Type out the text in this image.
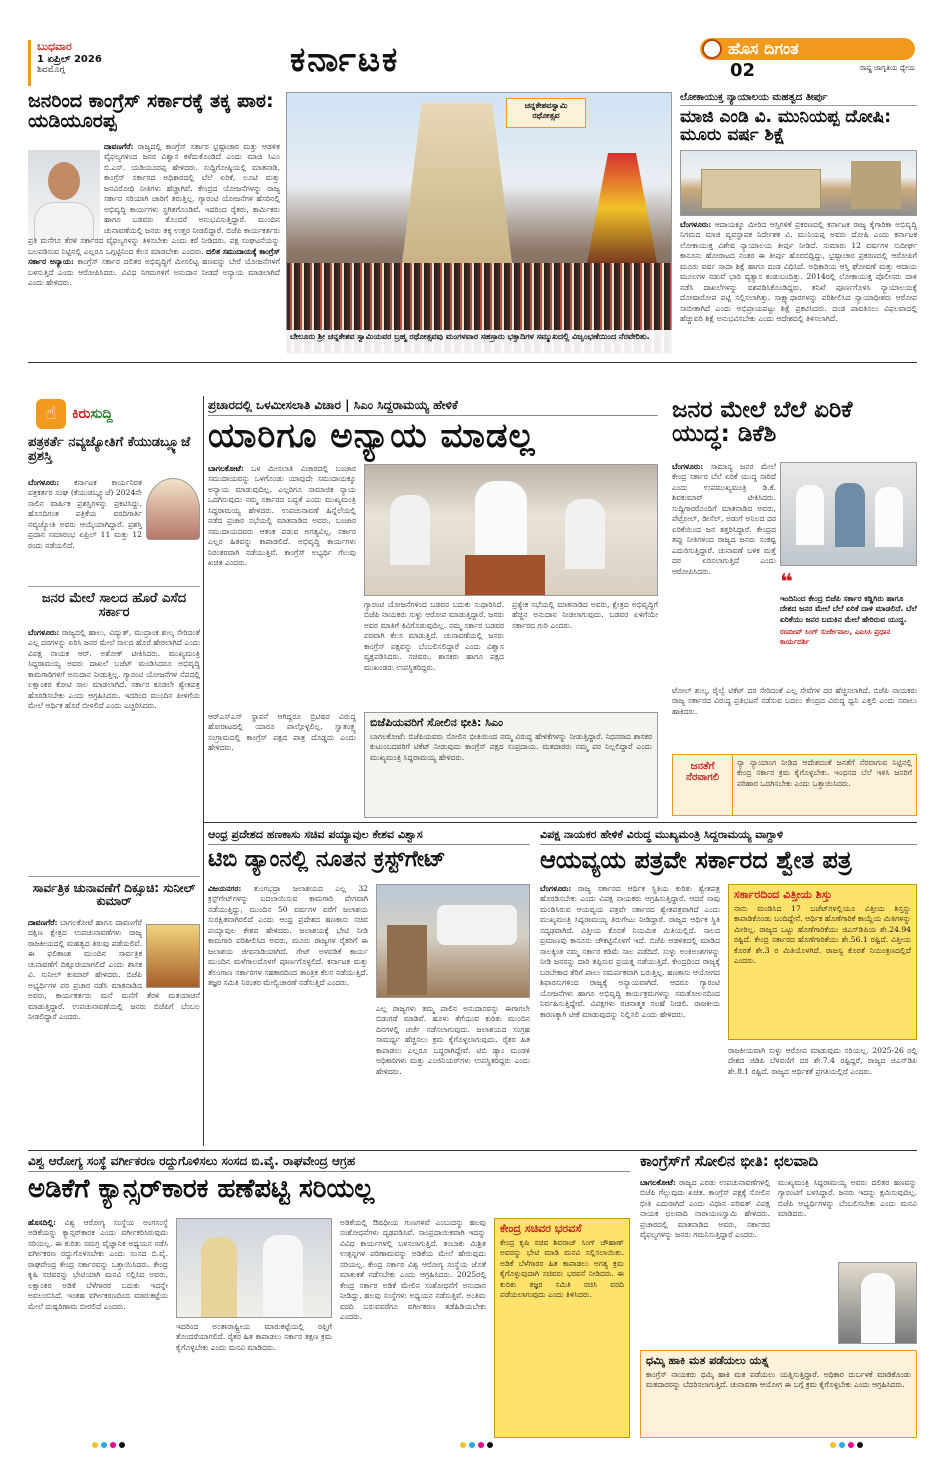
ಬುಧವಾರ
1 ಏಪ್ರಿಲ್ 2026
ಶಿವಮೊಗ್ಗ	ಕರ್ನಾಟಕ	ಹೊಸ ದಿಗಂತ
02	ರಾಷ್ಟ್ರ ಜಾಗೃತಿಯ ಧ್ಯೇಯ
ಜನರಿಂದ ಕಾಂಗ್ರೆಸ್ ಸರ್ಕಾರಕ್ಕೆ ತಕ್ಕ ಪಾಠ: ಯಡಿಯೂರಪ್ಪ
ದಾವಣಗೆರೆ: ರಾಜ್ಯದಲ್ಲಿ ಕಾಂಗ್ರೆಸ್ ಸರ್ಕಾರ ಭ್ರಷ್ಟಾಚಾರ ಮತ್ತು ಆಡಳಿತ ವೈಫಲ್ಯಗಳಿಂದ ಜನರ ವಿಶ್ವಾಸ ಕಳೆದುಕೊಂಡಿದೆ ಎಂದು ಮಾಜಿ ಸಿಎಂ ಬಿ.ಎಸ್. ಯಡಿಯೂರಪ್ಪ ಹೇಳಿದರು. ಸುದ್ದಿಗೋಷ್ಠಿಯಲ್ಲಿ ಮಾತನಾಡಿ, ಕಾಂಗ್ರೆಸ್ ಸರ್ಕಾರದ ಅಧಿಕಾರದಲ್ಲಿ ಬೆಲೆ ಏರಿಕೆ, ಲೂಟಿ ಮತ್ತು ಜನವಿರೋಧಿ ನೀತಿಗಳು ಹೆಚ್ಚಾಗಿವೆ. ಕೇಂದ್ರದ ಯೋಜನೆಗಳನ್ನು ರಾಜ್ಯ ಸರ್ಕಾರ ಸರಿಯಾಗಿ ಜಾರಿಗೆ ತರುತ್ತಿಲ್ಲ. ಗ್ಯಾರಂಟಿ ಯೋಜನೆಗಳ ಹೆಸರಿನಲ್ಲಿ ಅಭಿವೃದ್ಧಿ ಕಾರ್ಯಗಳು ಸ್ಥಗಿತಗೊಂಡಿವೆ. ಇದರಿಂದ ರೈತರು, ಕಾರ್ಮಿಕರು ಹಾಗೂ ಬಡವರು ತೊಂದರೆ ಅನುಭವಿಸುತ್ತಿದ್ದಾರೆ. ಮುಂದಿನ ಚುನಾವಣೆಯಲ್ಲಿ ಜನರು ತಕ್ಕ ಉತ್ತರ ನೀಡಲಿದ್ದಾರೆ. ಬಿಜೆಪಿ ಕಾರ್ಯಕರ್ತರು ಪ್ರತಿ ಮನೆಗೂ ತೆರಳಿ ಸರ್ಕಾರದ ವೈಫಲ್ಯಗಳನ್ನು ತಿಳಿಸಬೇಕು ಎಂದು ಕರೆ ನೀಡಿದರು. ಪಕ್ಷ ಸಂಘಟನೆಯನ್ನು ಬಲಪಡಿಸುವ ನಿಟ್ಟಿನಲ್ಲಿ ಎಲ್ಲರೂ ಒಗ್ಗಟ್ಟಿನಿಂದ ಕೆಲಸ ಮಾಡಬೇಕು ಎಂದರು. ದಲಿತ ಸಮುದಾಯಕ್ಕೆ ಕಾಂಗ್ರೆಸ್ ಸರ್ಕಾರ ಅನ್ಯಾಯ: ಕಾಂಗ್ರೆಸ್ ಸರ್ಕಾರ ದಲಿತರ ಅಭಿವೃದ್ಧಿಗೆ ಮೀಸಲಿಟ್ಟ ಹಣವನ್ನು ಬೇರೆ ಯೋಜನೆಗಳಿಗೆ ಬಳಸುತ್ತಿದೆ ಎಂದು ಆರೋಪಿಸಿದರು. ವಿವಿಧ ನಿಗಮಗಳಿಗೆ ಅನುದಾನ ನೀಡದೆ ಅನ್ಯಾಯ ಮಾಡಲಾಗಿದೆ ಎಂದು ಹೇಳಿದರು.
ಚನ್ನಕೇಶವಸ್ವಾಮಿ
ರಥೋತ್ಸವ
ಬೇಲೂರು ಶ್ರೀ ಚನ್ನಕೇಶವ ಸ್ವಾಮಿಯವರ ಬ್ರಹ್ಮ ರಥೋತ್ಸವವು ಮಂಗಳವಾರ ಸಹಸ್ರಾರು ಭಕ್ತಾದಿಗಳ ಸಮ್ಮುಖದಲ್ಲಿ ವಿಜೃಂಭಣೆಯಿಂದ ನೆರವೇರಿತು.
ಲೋಕಾಯುಕ್ತ ನ್ಯಾಯಾಲಯ ಮಹತ್ವದ ತೀರ್ಪು
ಮಾಜಿ ಎಂಡಿ ವಿ. ಮುನಿಯಪ್ಪ ದೋಷಿ: ಮೂರು ವರ್ಷ ಶಿಕ್ಷೆ
ಬೆಂಗಳೂರು: ಆದಾಯಕ್ಕೂ ಮೀರಿದ ಆಸ್ತಿಗಳಿಕೆ ಪ್ರಕರಣದಲ್ಲಿ ಕರ್ನಾಟಕ ರಾಜ್ಯ ಕೈಗಾರಿಕಾ ಅಭಿವೃದ್ಧಿ ನಿಗಮದ ಮಾಜಿ ವ್ಯವಸ್ಥಾಪಕ ನಿರ್ದೇಶಕ ವಿ. ಮುನಿಯಪ್ಪ ಅವರು ದೋಷಿ ಎಂದು ಕರ್ನಾಟಕ ಲೋಕಾಯುಕ್ತ ವಿಶೇಷ ನ್ಯಾಯಾಲಯ ತೀರ್ಪು ನೀಡಿದೆ. ಸುಮಾರು 12 ವರ್ಷಗಳ ಸುದೀರ್ಘ ಕಾನೂನು ಹೋರಾಟದ ನಂತರ ಈ ತೀರ್ಪು ಹೊರಬಿದ್ದಿದ್ದು, ಭ್ರಷ್ಟಾಚಾರ ಪ್ರಕರಣದಲ್ಲಿ ಆರೋಪಿಗೆ ಮೂರು ವರ್ಷ ಸಾದಾ ಶಿಕ್ಷೆ ಹಾಗೂ ದಂಡ ವಿಧಿಸಿದೆ. ಅಧಿಕಾರಿಯ ಆಸ್ತಿ ಘೋಷಣೆ ಮತ್ತು ಆದಾಯ ಮೂಲಗಳ ನಡುವೆ ಭಾರಿ ವ್ಯತ್ಯಾಸ ಕಂಡುಬಂದಿತ್ತು. 2014ರಲ್ಲಿ ಲೋಕಾಯುಕ್ತ ಪೊಲೀಸರು ದಾಳಿ ನಡೆಸಿ ದಾಖಲೆಗಳನ್ನು ವಶಪಡಿಸಿಕೊಂಡಿದ್ದರು. ತನಿಖೆ ಪೂರ್ಣಗೊಳಿಸಿ ನ್ಯಾಯಾಲಯಕ್ಕೆ ದೋಷಾರೋಪ ಪಟ್ಟಿ ಸಲ್ಲಿಸಲಾಗಿತ್ತು. ಸಾಕ್ಷ್ಯಾಧಾರಗಳನ್ನು ಪರಿಶೀಲಿಸಿದ ನ್ಯಾಯಾಧೀಶರು ಆರೋಪ ಸಾಬೀತಾಗಿದೆ ಎಂದು ಅಭಿಪ್ರಾಯಪಟ್ಟು ಶಿಕ್ಷೆ ಪ್ರಕಟಿಸಿದರು. ದಂಡ ಪಾವತಿಸಲು ವಿಫಲವಾದಲ್ಲಿ ಹೆಚ್ಚುವರಿ ಶಿಕ್ಷೆ ಅನುಭವಿಸಬೇಕು ಎಂದು ಆದೇಶದಲ್ಲಿ ತಿಳಿಸಲಾಗಿದೆ.
☝	ಕಿರು ಸುದ್ದಿ
ಪತ್ರಕರ್ತೆ ನವ್ಯಜ್ಯೋತಿಗೆ ಕೆಯುಡಬ್ಲ್ಯೂಜೆ ಪ್ರಶಸ್ತಿ
ಬೆಂಗಳೂರು: ಕರ್ನಾಟಕ ಕಾರ್ಯನಿರತ ಪತ್ರಕರ್ತರ ಸಂಘ (ಕೆಯುಡಬ್ಲ್ಯೂಜೆ) 2024ನೇ ಸಾಲಿನ ವಾರ್ಷಿಕ ಪ್ರಶಸ್ತಿಗಳನ್ನು ಪ್ರಕಟಿಸಿದ್ದು, ಹೊಸದಿಗಂತ ಪತ್ರಿಕೆಯ ವರದಿಗಾರ್ತಿ ನವ್ಯಜ್ಯೋತಿ ಅವರು ಆಯ್ಕೆಯಾಗಿದ್ದಾರೆ. ಪ್ರಶಸ್ತಿ ಪ್ರದಾನ ಸಮಾರಂಭ ಏಪ್ರಿಲ್ 11 ಮತ್ತು 12 ರಂದು ನಡೆಯಲಿದೆ.
ಜನರ ಮೇಲೆ ಸಾಲದ ಹೊರೆ ಎಸೆದ ಸರ್ಕಾರ
ಬೆಂಗಳೂರು: ರಾಜ್ಯದಲ್ಲಿ ಹಾಲು, ವಿದ್ಯುತ್, ಮುದ್ರಾಂಕ ಶುಲ್ಕ ಸೇರಿದಂತೆ ಎಲ್ಲ ದರಗಳನ್ನು ಏರಿಸಿ ಜನರ ಮೇಲೆ ಸಾಲದ ಹೊರೆ ಹೇರಲಾಗಿದೆ ಎಂದು ವಿಪಕ್ಷ ನಾಯಕ ಆರ್. ಅಶೋಕ್ ಟೀಕಿಸಿದರು. ಮುಖ್ಯಮಂತ್ರಿ ಸಿದ್ದರಾಮಯ್ಯ ಅವರು ದಾಖಲೆ ಬಜೆಟ್ ಮಂಡಿಸಿದರೂ ಅಭಿವೃದ್ಧಿ ಕಾಮಗಾರಿಗಳಿಗೆ ಅನುದಾನ ನೀಡುತ್ತಿಲ್ಲ. ಗ್ಯಾರಂಟಿ ಯೋಜನೆಗಳ ನೆಪದಲ್ಲಿ ಲಕ್ಷಾಂತರ ಕೋಟಿ ಸಾಲ ಮಾಡಲಾಗಿದೆ. ಸರ್ಕಾರ ಕೂಡಲೇ ಶ್ವೇತಪತ್ರ ಹೊರಡಿಸಬೇಕು ಎಂದು ಆಗ್ರಹಿಸಿದರು. ಇದರಿಂದ ಮುಂದಿನ ಪೀಳಿಗೆಯ ಮೇಲೆ ಆರ್ಥಿಕ ಹೊರೆ ಬೀಳಲಿದೆ ಎಂದು ಎಚ್ಚರಿಸಿದರು.
ಸಾರ್ವತ್ರಿಕ ಚುನಾವಣೆಗೆ ದಿಕ್ಸೂಚಿ: ಸುನೀಲ್ ಕುಮಾರ್
ದಾವಣಗೆರೆ: ಬಾಗಲಕೋಟೆ ಹಾಗೂ ದಾವಣಗೆರೆ ದಕ್ಷಿಣ ಕ್ಷೇತ್ರದ ಉಪಚುನಾವಣೆಗಳು ರಾಜ್ಯ ರಾಜಕೀಯದಲ್ಲಿ ಮಹತ್ವದ ತಿರುವು ಪಡೆಯಲಿವೆ. ಈ ಫಲಿತಾಂಶ ಮುಂದಿನ ಸಾರ್ವತ್ರಿಕ ಚುನಾವಣೆಗೆ ದಿಕ್ಸೂಚಿಯಾಗಲಿದೆ ಎಂದು ಶಾಸಕ ವಿ. ಸುನೀಲ್ ಕುಮಾರ್ ಹೇಳಿದರು. ಬಿಜೆಪಿ ಅಭ್ಯರ್ಥಿಗಳ ಪರ ಪ್ರಚಾರ ನಡೆಸಿ ಮಾತನಾಡಿದ ಅವರು, ಕಾರ್ಯಕರ್ತರು ಮನೆ ಮನೆಗೆ ತೆರಳಿ ಮತಯಾಚನೆ ಮಾಡುತ್ತಿದ್ದಾರೆ. ಉಪಚುನಾವಣೆಯಲ್ಲಿ ಜನರು ಬಿಜೆಪಿಗೆ ಬೆಂಬಲ ನೀಡಲಿದ್ದಾರೆ ಎಂದರು.
ಪ್ರಚಾರದಲ್ಲಿ ಒಳಮೀಸಲಾತಿ ವಿಚಾರ | ಸಿಎಂ ಸಿದ್ದರಾಮಯ್ಯ ಹೇಳಿಕೆ
ಯಾರಿಗೂ ಅನ್ಯಾಯ ಮಾಡಲ್ಲ
ಬಾಗಲಕೋಟೆ: ಒಳ ಮೀಸಲಾತಿ ವಿಚಾರದಲ್ಲಿ ಬಂಜಾರ ಸಮುದಾಯವನ್ನು ಒಳಗೊಂಡು ಯಾವುದೇ ಸಮುದಾಯಕ್ಕೂ ಅನ್ಯಾಯ ಮಾಡುವುದಿಲ್ಲ. ಎಲ್ಲರಿಗೂ ಸಾಮಾಜಿಕ ನ್ಯಾಯ ಒದಗಿಸುವುದು ನಮ್ಮ ಸರ್ಕಾರದ ಬದ್ಧತೆ ಎಂದು ಮುಖ್ಯಮಂತ್ರಿ ಸಿದ್ದರಾಮಯ್ಯ ಹೇಳಿದರು. ಉಪಚುನಾವಣೆ ಹಿನ್ನೆಲೆಯಲ್ಲಿ ನಡೆದ ಪ್ರಚಾರ ಸಭೆಯಲ್ಲಿ ಮಾತನಾಡಿದ ಅವರು, ಬಂಜಾರ ಸಮುದಾಯದವರು ಆತಂಕ ಪಡುವ ಅಗತ್ಯವಿಲ್ಲ. ಸರ್ಕಾರ ಎಲ್ಲರ ಹಿತವನ್ನು ಕಾಪಾಡಲಿದೆ. ಅಭಿವೃದ್ಧಿ ಕಾರ್ಯಗಳು ನಿರಂತರವಾಗಿ ನಡೆಯುತ್ತಿವೆ. ಕಾಂಗ್ರೆಸ್ ಅಭ್ಯರ್ಥಿ ಗೆಲುವು ಖಚಿತ ಎಂದರು.
ಗ್ಯಾರಂಟಿ ಯೋಜನೆಗಳಿಂದ ಬಡವರ ಬದುಕು ಸುಧಾರಿಸಿದೆ. ಬಿಜೆಪಿ ನಾಯಕರು ಸುಳ್ಳು ಆರೋಪ ಮಾಡುತ್ತಿದ್ದಾರೆ. ಜನರು ಅವರ ಮಾತಿಗೆ ಕಿವಿಗೊಡುವುದಿಲ್ಲ. ನಮ್ಮ ಸರ್ಕಾರ ಬಡವರ ಪರವಾಗಿ ಕೆಲಸ ಮಾಡುತ್ತಿದೆ. ಚುನಾವಣೆಯಲ್ಲಿ ಜನರು ಕಾಂಗ್ರೆಸ್ ಪಕ್ಷವನ್ನು ಬೆಂಬಲಿಸಲಿದ್ದಾರೆ ಎಂದು ವಿಶ್ವಾಸ ವ್ಯಕ್ತಪಡಿಸಿದರು. ಸಚಿವರು, ಶಾಸಕರು ಹಾಗೂ ಪಕ್ಷದ ಮುಖಂಡರು ಉಪಸ್ಥಿತರಿದ್ದರು.
ಪ್ರತ್ಯೇಕ ಸಭೆಯಲ್ಲಿ ಮಾತನಾಡಿದ ಅವರು, ಕ್ಷೇತ್ರದ ಅಭಿವೃದ್ಧಿಗೆ ಹೆಚ್ಚಿನ ಅನುದಾನ ನೀಡಲಾಗುವುದು. ಬಡವರ ಏಳಿಗೆಯೇ ಸರ್ಕಾರದ ಗುರಿ ಎಂದರು.
ಬಿಜೆಪಿಯವರಿಗೆ ಸೋಲಿನ ಭೀತಿ: ಸಿಎಂ
ಬಾಗಲಕೋಟೆ: ಬಿಜೆಪಿಯವರು ಸೋಲಿನ ಭೀತಿಯಿಂದ ನಮ್ಮ ವಿರುದ್ಧ ಹೇಳಿಕೆಗಳನ್ನು ನೀಡುತ್ತಿದ್ದಾರೆ. ನಿಧನರಾದ ಶಾಸಕರ ಕುಟುಂಬದವರಿಗೆ ಟಿಕೆಟ್ ನೀಡುವುದು ಕಾಂಗ್ರೆಸ್ ಪಕ್ಷದ ಸಂಪ್ರದಾಯ. ಮತದಾರರು ನಮ್ಮ ಪರ ನಿಲ್ಲಲಿದ್ದಾರೆ ಎಂದು ಮುಖ್ಯಮಂತ್ರಿ ಸಿದ್ದರಾಮಯ್ಯ ಹೇಳಿದರು.
ಆರ್‌ಎಸ್‌ಎಸ್ ಸ್ಥಾಪನೆ ಆಗಿದ್ದರೂ ಬ್ರಿಟಿಷರ ವಿರುದ್ಧ ಹೋರಾಟದಲ್ಲಿ ಯಾರೂ ಪಾಲ್ಗೊಳ್ಳಲಿಲ್ಲ. ಸ್ವಾತಂತ್ರ್ಯ ಸಂಗ್ರಾಮದಲ್ಲಿ ಕಾಂಗ್ರೆಸ್ ಪಕ್ಷದ ಪಾತ್ರ ದೊಡ್ಡದು ಎಂದು ಹೇಳಿದರು.
ಜನರ ಮೇಲೆ ಬೆಲೆ ಏರಿಕೆ ಯುದ್ಧ: ಡಿಕೆಶಿ
ಬೆಂಗಳೂರು: ಸಾಮಾನ್ಯ ಜನರ ಮೇಲೆ ಕೇಂದ್ರ ಸರ್ಕಾರ ಬೆಲೆ ಏರಿಕೆ ಯುದ್ಧ ಸಾರಿದೆ ಎಂದು ಉಪಮುಖ್ಯಮಂತ್ರಿ ಡಿ.ಕೆ. ಶಿವಕುಮಾರ್ ಟೀಕಿಸಿದರು. ಸುದ್ದಿಗಾರರೊಂದಿಗೆ ಮಾತನಾಡಿದ ಅವರು, ಪೆಟ್ರೋಲ್, ಡೀಸೆಲ್, ಅಡುಗೆ ಅನಿಲದ ದರ ಏರಿಕೆಯಿಂದ ಜನ ತತ್ತರಿಸಿದ್ದಾರೆ. ಕೇಂದ್ರದ ತಪ್ಪು ನೀತಿಗಳಿಂದ ರಾಜ್ಯದ ಜನರು ಸಂಕಷ್ಟ ಎದುರಿಸುತ್ತಿದ್ದಾರೆ. ಚುನಾವಣೆ ಬಳಿಕ ಮತ್ತೆ ದರ ಏರಿಸಲಾಗುತ್ತಿದೆ ಎಂದು ಆರೋಪಿಸಿದರು.	❝
ಇಂದಿನಿಂದ ಕೇಂದ್ರ ಬಿಜೆಪಿ ಸರ್ಕಾರ ಕಡ್ಡಿಗಿರು ಹಾಗೂ ದೇಶದ ಜನರ ಮೇಲೆ ಬೆಲೆ ಏರಿಕೆ ದಾಳಿ ಮಾಡಲಿದೆ. ಬೆಲೆ ಏರಿಕೆಯು ಜನರ ಬದುಕಿನ ಮೇಲೆ ಹೇರಿರುವ ಯುದ್ಧ.
ರಣದೀಪ್ ಸಿಂಗ್ ಸುರ್ಜೇವಾಲ, ಎಐಸಿಸಿ ಪ್ರಧಾನ ಕಾರ್ಯದರ್ಶಿ
ಟೋಲ್ ಶುಲ್ಕ, ರೈಲ್ವೆ ಟಿಕೆಟ್ ದರ ಸೇರಿದಂತೆ ಎಲ್ಲ ಸೇವೆಗಳ ದರ ಹೆಚ್ಚಿಸಲಾಗಿದೆ. ಬಿಜೆಪಿ ನಾಯಕರು ರಾಜ್ಯ ಸರ್ಕಾರದ ವಿರುದ್ಧ ಪ್ರತಿಭಟನೆ ನಡೆಸುವ ಬದಲು ಕೇಂದ್ರದ ವಿರುದ್ಧ ಧ್ವನಿ ಎತ್ತಲಿ ಎಂದು ಸವಾಲು ಹಾಕಿದರು.
ಜನತೆಗೆ
ನೆರವಾಗಲಿ
ನ್ಯಾ ನ್ಯಾಯಾಂಗ ನೀಡಿದ ಆದೇಶದಂತೆ ಜನತೆಗೆ ನೆರವಾಗುವ ನಿಟ್ಟಿನಲ್ಲಿ ಕೇಂದ್ರ ಸರ್ಕಾರ ಕ್ರಮ ಕೈಗೊಳ್ಳಬೇಕು. ಇಂಧನದ ಬೆಲೆ ಇಳಿಸಿ ಜನರಿಗೆ ಪರಿಹಾರ ಒದಗಿಸಬೇಕು ಎಂದು ಒತ್ತಾಯಿಸಿದರು.
ಆಂಧ್ರ ಪ್ರದೇಶದ ಹಣಕಾಸು ಸಚಿವ ಪಯ್ಯಾವುಲ ಕೇಶವ ವಿಶ್ವಾಸ
ಟಿಬಿ ಡ್ಯಾಂನಲ್ಲಿ ನೂತನ ಕ್ರಸ್ಟ್‌ಗೇಟ್
ವಿಜಯನಗರ: ತುಂಗಭದ್ರಾ ಜಲಾಶಯದ ಎಲ್ಲ 32 ಕ್ರಸ್ಟ್‌ಗೇಟ್‌ಗಳನ್ನು ಬದಲಾಯಿಸುವ ಕಾಮಗಾರಿ ವೇಗವಾಗಿ ನಡೆಯುತ್ತಿದ್ದು, ಮುಂದಿನ 50 ವರ್ಷಗಳ ವರೆಗೆ ಜಲಾಶಯ ಸುರಕ್ಷಿತವಾಗಿರಲಿದೆ ಎಂದು ಆಂಧ್ರ ಪ್ರದೇಶದ ಹಣಕಾಸು ಸಚಿವ ಪಯ್ಯಾವುಲ ಕೇಶವ ಹೇಳಿದರು. ಜಲಾಶಯಕ್ಕೆ ಭೇಟಿ ನೀಡಿ ಕಾಮಗಾರಿ ಪರಿಶೀಲಿಸಿದ ಅವರು, ಮೂರು ರಾಜ್ಯಗಳ ರೈತರಿಗೆ ಈ ಜಲಾಶಯ ಜೀವನಾಡಿಯಾಗಿದೆ. ಗೇಟ್ ಅಳವಡಿಕೆ ಕಾರ್ಯ ಮುಂದಿನ ಮಳೆಗಾಲದೊಳಗೆ ಪೂರ್ಣಗೊಳ್ಳಲಿದೆ. ಕರ್ನಾಟಕ ಮತ್ತು ತೆಲಂಗಾಣ ಸರ್ಕಾರಗಳ ಸಹಕಾರದಿಂದ ತಾಂತ್ರಿಕ ಕೆಲಸ ನಡೆಯುತ್ತಿದೆ. ತಜ್ಞರ ಸಮಿತಿ ನಿರಂತರ ಮೇಲ್ವಿಚಾರಣೆ ನಡೆಸುತ್ತಿದೆ ಎಂದರು.
ಎಲ್ಲ ರಾಜ್ಯಗಳು ತಮ್ಮ ಪಾಲಿನ ಅನುದಾನವನ್ನು ಈಗಾಗಲೇ ಬಿಡುಗಡೆ ಮಾಡಿವೆ. ಹೂಳು ತೆಗೆಯುವ ಕುರಿತು ಮುಂದಿನ ದಿನಗಳಲ್ಲಿ ಚರ್ಚೆ ನಡೆಸಲಾಗುವುದು. ಜಲಾಶಯದ ಸಂಗ್ರಹ ಸಾಮರ್ಥ್ಯ ಹೆಚ್ಚಿಸಲು ಕ್ರಮ ಕೈಗೊಳ್ಳಲಾಗುವುದು. ರೈತರ ಹಿತ ಕಾಪಾಡಲು ಎಲ್ಲರೂ ಬದ್ಧರಾಗಿದ್ದೇವೆ. ಟಿಬಿ ಡ್ಯಾಂ ಮಂಡಳಿ ಅಧಿಕಾರಿಗಳು ಮತ್ತು ಎಂಜಿನಿಯರ್‌ಗಳು ಉಪಸ್ಥಿತರಿದ್ದರು ಎಂದು ಹೇಳಿದರು.
ವಿಪಕ್ಷ ನಾಯಕರ ಹೇಳಿಕೆ ವಿರುದ್ಧ ಮುಖ್ಯಮಂತ್ರಿ ಸಿದ್ದರಾಮಯ್ಯ ವಾಗ್ದಾಳಿ
ಆಯವ್ಯಯ ಪತ್ರವೇ ಸರ್ಕಾರದ ಶ್ವೇತ ಪತ್ರ
ಬೆಂಗಳೂರು: ರಾಜ್ಯ ಸರ್ಕಾರದ ಆರ್ಥಿಕ ಸ್ಥಿತಿಯ ಕುರಿತು ಶ್ವೇತಪತ್ರ ಹೊರಡಿಸಬೇಕು ಎಂದು ವಿಪಕ್ಷ ನಾಯಕರು ಆಗ್ರಹಿಸುತ್ತಿದ್ದಾರೆ. ಆದರೆ ನಾವು ಮಂಡಿಸಿರುವ ಆಯವ್ಯಯ ಪತ್ರವೇ ಸರ್ಕಾರದ ಶ್ವೇತಪತ್ರವಾಗಿದೆ ಎಂದು ಮುಖ್ಯಮಂತ್ರಿ ಸಿದ್ದರಾಮಯ್ಯ ತಿರುಗೇಟು ನೀಡಿದ್ದಾರೆ. ರಾಜ್ಯದ ಆರ್ಥಿಕ ಸ್ಥಿತಿ ಸದೃಢವಾಗಿದೆ. ವಿತ್ತೀಯ ಕೊರತೆ ನಿಯಮಿತ ಮಿತಿಯಲ್ಲಿದೆ. ಸಾಲದ ಪ್ರಮಾಣವು ಕಾನೂನು ಚೌಕಟ್ಟಿನೊಳಗೆ ಇದೆ. ಬಿಜೆಪಿ ಆಡಳಿತದಲ್ಲಿ ಮಾಡಿದ ಸಾಲಕ್ಕಿಂತ ನಮ್ಮ ಸರ್ಕಾರ ಕಡಿಮೆ ಸಾಲ ಪಡೆದಿದೆ. ಸುಳ್ಳು ಅಂಕಿಅಂಶಗಳನ್ನು ನೀಡಿ ಜನರನ್ನು ದಾರಿ ತಪ್ಪಿಸುವ ಪ್ರಯತ್ನ ನಡೆಯುತ್ತಿದೆ. ಕೇಂದ್ರದಿಂದ ರಾಜ್ಯಕ್ಕೆ ಬರಬೇಕಾದ ತೆರಿಗೆ ಪಾಲು ಸಮರ್ಪಕವಾಗಿ ಬರುತ್ತಿಲ್ಲ. ಹಣಕಾಸು ಆಯೋಗದ ಶಿಫಾರಸುಗಳಿಂದ ರಾಜ್ಯಕ್ಕೆ ಅನ್ಯಾಯವಾಗಿದೆ. ಆದರೂ ಗ್ಯಾರಂಟಿ ಯೋಜನೆಗಳು ಹಾಗೂ ಅಭಿವೃದ್ಧಿ ಕಾರ್ಯಕ್ರಮಗಳನ್ನು ಸಮತೋಲನದಿಂದ ನಿರ್ವಹಿಸುತ್ತಿದ್ದೇವೆ. ವಿಪಕ್ಷಗಳು ರಚನಾತ್ಮಕ ಸಲಹೆ ನೀಡಲಿ. ರಾಜಕೀಯ ಕಾರಣಕ್ಕಾಗಿ ಟೀಕೆ ಮಾಡುವುದನ್ನು ನಿಲ್ಲಿಸಲಿ ಎಂದು ಹೇಳಿದರು.
ಸರ್ಕಾರದಿಂದ ವಿತ್ತೀಯ ಶಿಸ್ತು
ನಾನು ಮಂಡಿಸಿದ 17 ಬಜೆಟ್‌ಗಳಲ್ಲಿಯೂ ವಿತ್ತೀಯ ಶಿಸ್ತನ್ನು ಕಾಪಾಡಿಕೊಂಡು ಬಂದಿದ್ದೇನೆ. ಆರ್ಥಿಕ ಹೊಣೆಗಾರಿಕೆ ಕಾಯ್ದೆಯ ಮಿತಿಗಳನ್ನು ಮೀರಿಲ್ಲ. ರಾಜ್ಯದ ಒಟ್ಟು ಹೊಣೆಗಾರಿಕೆಯು ಜಿಎಸ್‌ಡಿಪಿಯ ಶೇ.24.94 ರಷ್ಟಿದೆ. ಕೇಂದ್ರ ಸರ್ಕಾರದ ಹೊಣೆಗಾರಿಕೆಯು ಶೇ.56.1 ರಷ್ಟಿದೆ. ವಿತ್ತೀಯ ಕೊರತೆ ಶೇ.3 ರ ಮಿತಿಯೊಳಗಿದೆ. ರಾಜಸ್ವ ಕೊರತೆ ನಿಯಂತ್ರಣದಲ್ಲಿದೆ ಎಂದರು.
ರಾಜಕೀಯವಾಗಿ ಸುಳ್ಳು ಆರೋಪ ಮಾಡುವುದು ಸರಿಯಲ್ಲ. 2025-26 ರಲ್ಲಿ ದೇಶದ ಜಿಡಿಪಿ ಬೆಳವಣಿಗೆ ದರ ಶೇ.7.4 ರಷ್ಟಿದ್ದರೆ, ರಾಜ್ಯದ ಜಿಎಸ್‌ಡಿಪಿ ಶೇ.8.1 ರಷ್ಟಿದೆ. ರಾಜ್ಯದ ಆರ್ಥಿಕತೆ ಪ್ರಗತಿಯಲ್ಲಿದೆ ಎಂದರು.
ವಿಶ್ವ ಆರೋಗ್ಯ ಸಂಸ್ಥೆ ವರ್ಗೀಕರಣ ರದ್ದುಗೊಳಿಸಲು ಸಂಸದ ಬಿ.ವೈ. ರಾಘವೇಂದ್ರ ಆಗ್ರಹ
ಅಡಿಕೆಗೆ ಕ್ಯಾನ್ಸರ್‌ಕಾರಕ ಹಣೆಪಟ್ಟಿ ಸರಿಯಲ್ಲ
ಹೊಸದಿಲ್ಲಿ: ವಿಶ್ವ ಆರೋಗ್ಯ ಸಂಸ್ಥೆಯ ಅಂಗಸಂಸ್ಥೆ ಅಡಿಕೆಯನ್ನು ಕ್ಯಾನ್ಸರ್‌ಕಾರಕ ಎಂದು ವರ್ಗೀಕರಿಸಿರುವುದು ಸರಿಯಲ್ಲ. ಈ ಕುರಿತು ಸಮಗ್ರ ವೈಜ್ಞಾನಿಕ ಅಧ್ಯಯನ ನಡೆಸಿ ವರ್ಗೀಕರಣ ರದ್ದುಗೊಳಿಸಬೇಕು ಎಂದು ಸಂಸದ ಬಿ.ವೈ. ರಾಘವೇಂದ್ರ ಕೇಂದ್ರ ಸರ್ಕಾರವನ್ನು ಒತ್ತಾಯಿಸಿದರು. ಕೇಂದ್ರ ಕೃಷಿ ಸಚಿವರನ್ನು ಭೇಟಿಯಾಗಿ ಮನವಿ ಸಲ್ಲಿಸಿದ ಅವರು, ಲಕ್ಷಾಂತರ ಅಡಿಕೆ ಬೆಳೆಗಾರರ ಬದುಕು ಇದನ್ನೇ ಅವಲಂಬಿಸಿದೆ. ಇಂತಹ ವರ್ಗೀಕರಣದಿಂದ ಮಾರುಕಟ್ಟೆಯ ಮೇಲೆ ದುಷ್ಪರಿಣಾಮ ಬೀರಲಿದೆ ಎಂದರು.
ಇದರಿಂದ ಅಂತಾರಾಷ್ಟ್ರೀಯ ಮಾರುಕಟ್ಟೆಯಲ್ಲಿ ರಫ್ತಿಗೆ ತೊಂದರೆಯಾಗಲಿದೆ. ರೈತರ ಹಿತ ಕಾಪಾಡಲು ಸರ್ಕಾರ ತಕ್ಷಣ ಕ್ರಮ ಕೈಗೊಳ್ಳಬೇಕು ಎಂದು ಮನವಿ ಮಾಡಿದರು.
ಅಡಿಕೆಯಲ್ಲಿ ಔಷಧೀಯ ಗುಣಗಳಿವೆ ಎಂಬುದನ್ನು ಹಲವು ಸಂಶೋಧನೆಗಳು ದೃಢಪಡಿಸಿವೆ. ಸಾಂಪ್ರದಾಯಿಕವಾಗಿ ಇದನ್ನು ವಿವಿಧ ಕಾರ್ಯಗಳಲ್ಲಿ ಬಳಸಲಾಗುತ್ತಿದೆ. ತಂಬಾಕು ಮಿಶ್ರಿತ ಉತ್ಪನ್ನಗಳ ಪರಿಣಾಮವನ್ನು ಅಡಿಕೆಯ ಮೇಲೆ ಹೇರುವುದು ಸರಿಯಲ್ಲ. ಕೇಂದ್ರ ಸರ್ಕಾರ ವಿಶ್ವ ಆರೋಗ್ಯ ಸಂಸ್ಥೆಯ ಜೊತೆ ಮಾತುಕತೆ ನಡೆಸಬೇಕು ಎಂದು ಆಗ್ರಹಿಸಿದರು. 2025ರಲ್ಲಿ ಕೇಂದ್ರ ಸರ್ಕಾರ ಅಡಿಕೆ ಮೇಲಿನ ಸಂಶೋಧನೆಗೆ ಅನುದಾನ ನೀಡಿದ್ದು, ಹಲವು ಸಂಸ್ಥೆಗಳು ಅಧ್ಯಯನ ನಡೆಸುತ್ತಿವೆ. ಅಂತಿಮ ವರದಿ ಬರುವವರೆಗೂ ವರ್ಗೀಕರಣ ತಡೆಹಿಡಿಯಬೇಕು ಎಂದರು.
ಕೇಂದ್ರ ಸಚಿವರ ಭರವಸೆ
ಕೇಂದ್ರ ಕೃಷಿ ಸಚಿವ ಶಿವರಾಜ್ ಸಿಂಗ್ ಚೌಹಾಣ್ ಅವರನ್ನು ಭೇಟಿ ಮಾಡಿ ಮನವಿ ಸಲ್ಲಿಸಲಾಯಿತು. ಅಡಿಕೆ ಬೆಳೆಗಾರರ ಹಿತ ಕಾಪಾಡಲು ಅಗತ್ಯ ಕ್ರಮ ಕೈಗೊಳ್ಳುವುದಾಗಿ ಸಚಿವರು ಭರವಸೆ ನೀಡಿದರು. ಈ ಕುರಿತು ತಜ್ಞರ ಸಮಿತಿ ರಚಿಸಿ ವರದಿ ಪಡೆಯಲಾಗುವುದು ಎಂದು ತಿಳಿಸಿದರು.
ಕಾಂಗ್ರೆಸ್‌ಗೆ ಸೋಲಿನ ಭೀತಿ: ಛಲವಾದಿ
ಬಾಗಲಕೋಟೆ: ರಾಜ್ಯದ ಎರಡು ಉಪಚುನಾವಣೆಗಳಲ್ಲಿ ಬಿಜೆಪಿ ಗೆಲ್ಲುವುದು ಖಚಿತ. ಕಾಂಗ್ರೆಸ್ ಪಕ್ಷಕ್ಕೆ ಸೋಲಿನ ಭೀತಿ ಎದುರಾಗಿದೆ ಎಂದು ವಿಧಾನ ಪರಿಷತ್ ವಿಪಕ್ಷ ನಾಯಕ ಛಲವಾದಿ ನಾರಾಯಣಸ್ವಾಮಿ ಹೇಳಿದರು. ಪ್ರಚಾರದಲ್ಲಿ ಮಾತನಾಡಿದ ಅವರು, ಸರ್ಕಾರದ ವೈಫಲ್ಯಗಳನ್ನು ಜನರು ಗಮನಿಸುತ್ತಿದ್ದಾರೆ ಎಂದರು.
ಮುಖ್ಯಮಂತ್ರಿ ಸಿದ್ದರಾಮಯ್ಯ ಅವರು ದಲಿತರ ಹಣವನ್ನು ಗ್ಯಾರಂಟಿಗೆ ಬಳಸಿದ್ದಾರೆ. ಜನರು ಇದನ್ನು ಕ್ಷಮಿಸುವುದಿಲ್ಲ. ಬಿಜೆಪಿ ಅಭ್ಯರ್ಥಿಗಳನ್ನು ಬೆಂಬಲಿಸಬೇಕು ಎಂದು ಮನವಿ ಮಾಡಿದರು.
ಧಮ್ಕಿ ಹಾಕಿ ಮತ ಪಡೆಯಲು ಯತ್ನ
ಕಾಂಗ್ರೆಸ್ ನಾಯಕರು ಧಮ್ಕಿ ಹಾಕಿ ಮತ ಪಡೆಯಲು ಯತ್ನಿಸುತ್ತಿದ್ದಾರೆ. ಅಧಿಕಾರ ದುರ್ಬಳಕೆ ಮಾಡಿಕೊಂಡು ಮತದಾರರನ್ನು ಬೆದರಿಸಲಾಗುತ್ತಿದೆ. ಚುನಾವಣಾ ಆಯೋಗ ಈ ಬಗ್ಗೆ ಕ್ರಮ ಕೈಗೊಳ್ಳಬೇಕು ಎಂದು ಆಗ್ರಹಿಸಿದರು.
